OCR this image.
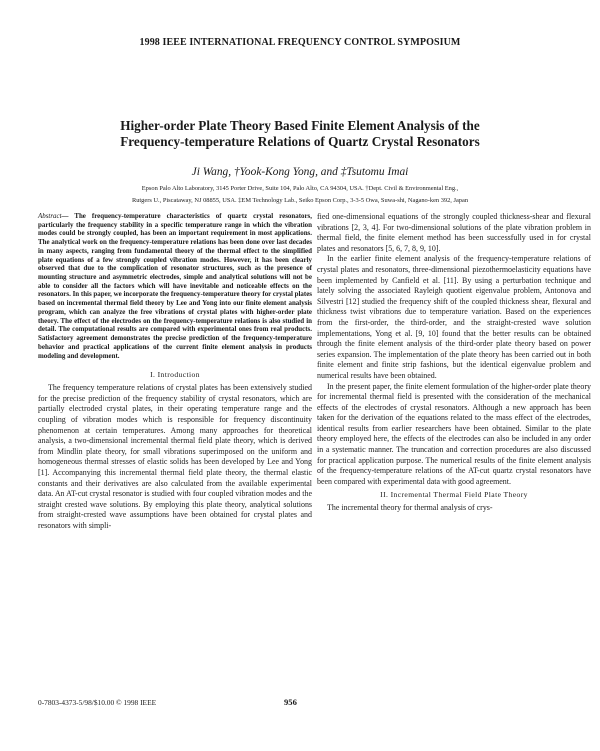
1998 IEEE INTERNATIONAL FREQUENCY CONTROL SYMPOSIUM
Higher-order Plate Theory Based Finite Element Analysis of the
Frequency-temperature Relations of Quartz Crystal Resonators
Ji Wang, †Yook-Kong Yong, and ‡Tsutomu Imai
Epson Palo Alto Laboratory, 3145 Porter Drive, Suite 104, Palo Alto, CA 94304, USA. †Dept. Civil & Environmental Eng.,
Rutgers U., Piscataway, NJ 08855, USA. ‡EM Technology Lab., Seiko Epson Corp., 3-3-5 Owa, Suwa-shi, Nagano-ken 392, Japan

Abstract— The frequency-temperature characteristics of quartz crystal resonators, particularly the frequency stability in a specific temperature range in which the vibration modes could be strongly coupled, has been an important requirement in most applications. The analytical work on the frequency-temperature relations has been done over last decades in many aspects, ranging from fundamental theory of the thermal effect to the simplified plate equations of a few strongly coupled vibration modes. However, it has been clearly observed that due to the complication of resonator structures, such as the presence of mounting structure and asymmetric electrodes, simple and analytical solutions will not be able to consider all the factors which will have inevitable and noticeable effects on the resonators. In this paper, we incorporate the frequency-temperature theory for crystal plates based on incremental thermal field theory by Lee and Yong into our finite element analysis program, which can analyze the free vibrations of crystal plates with higher-order plate theory. The effect of the electrodes on the frequency-temperature relations is also studied in detail. The computational results are compared with experimental ones from real products. Satisfactory agreement demonstrates the precise prediction of the frequency-temperature behavior and practical applications of the current finite element analysis in products modeling and development.

I. Introduction

The frequency temperature relations of crystal plates has been extensively studied for the precise prediction of the frequency stability of crystal resonators, which are partially electroded crystal plates, in their operating temperature range and the coupling of vibration modes which is responsible for frequency discontinuity phenomenon at certain temperatures. Among many approaches for theoretical analysis, a two-dimensional incremental thermal field plate theory, which is derived from Mindlin plate theory, for small vibrations superimposed on the uniform and homogeneous thermal stresses of elastic solids has been developed by Lee and Yong [1]. Accompanying this incremental thermal field plate theory, the thermal elastic constants and their derivatives are also calculated from the available experimental data. An AT-cut crystal resonator is studied with four coupled vibration modes and the straight crested wave solutions. By employing this plate theory, analytical solutions from straight-crested wave assumptions have been obtained for crystal plates and resonators with simpli-

fied one-dimensional equations of the strongly coupled thickness-shear and flexural vibrations [2, 3, 4]. For two-dimensional solutions of the plate vibration problem in thermal field, the finite element method has been successfully used in for crystal plates and resonators [5, 6, 7, 8, 9, 10].

In the earlier finite element analysis of the frequency-temperature relations of crystal plates and resonators, three-dimensional piezothermoelasticity equations have been implemented by Canfield et al. [11]. By using a perturbation technique and lately solving the associated Rayleigh quotient eigenvalue problem, Antonova and Silvestri [12] studied the frequency shift of the coupled thickness shear, flexural and thickness twist vibrations due to temperature variation. Based on the experiences from the first-order, the third-order, and the straight-crested wave solution implementations, Yong et al. [9, 10] found that the better results can be obtained through the finite element analysis of the third-order plate theory based on power series expansion. The implementation of the plate theory has been carried out in both finite element and finite strip fashions, but the identical eigenvalue problem and numerical results have been obtained.

In the present paper, the finite element formulation of the higher-order plate theory for incremental thermal field is presented with the consideration of the mechanical effects of the electrodes of crystal resonators. Although a new approach has been taken for the derivation of the equations related to the mass effect of the electrodes, identical results from earlier researchers have been obtained. Similar to the plate theory employed here, the effects of the electrodes can also be included in any order in a systematic manner. The truncation and correction procedures are also discussed for practical application purpose. The numerical results of the finite element analysis of the frequency-temperature relations of the AT-cut quartz crystal resonators have been compared with experimental data with good agreement.

II. Incremental Thermal Field Plate Theory

The incremental theory for thermal analysis of crys-

0-7803-4373-5/98/$10.00 © 1998 IEEE	956
